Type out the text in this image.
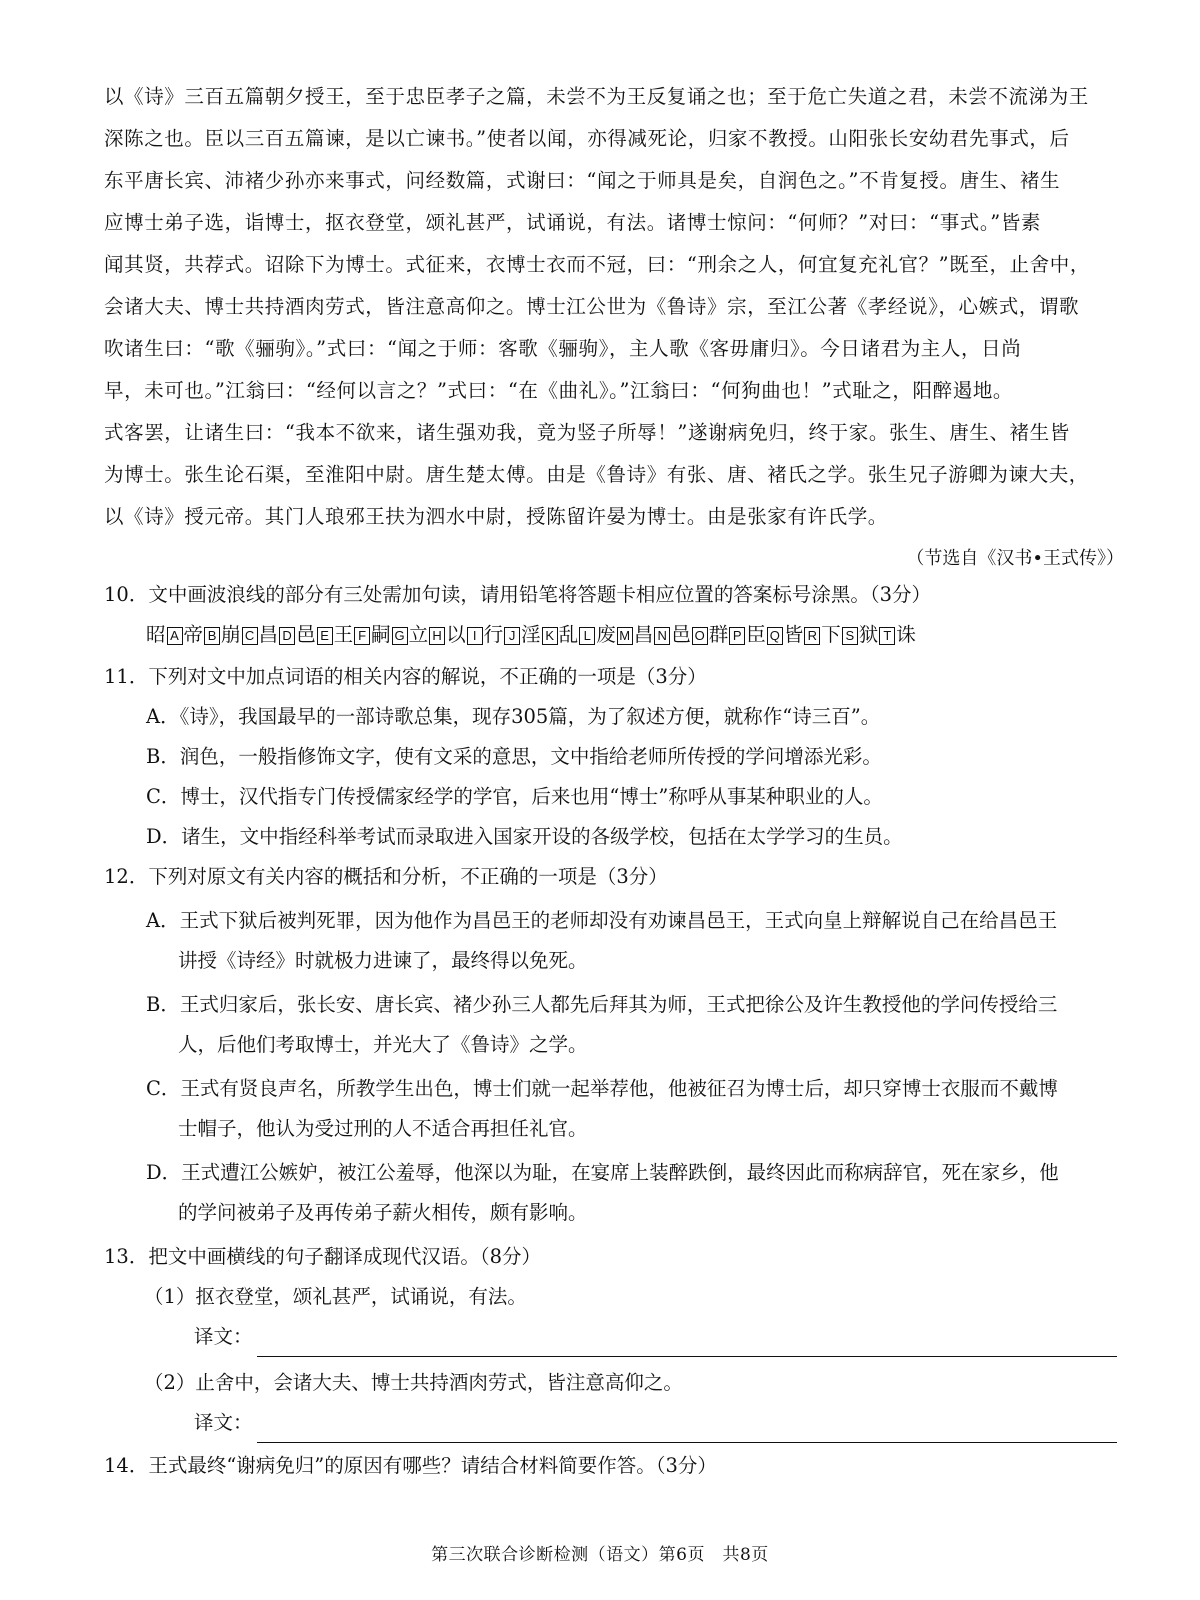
以《诗》三百五篇朝夕授王，至于忠臣孝子之篇，未尝不为王反复诵之也；至于危亡失道之君，未尝不流涕为王
深陈之也。臣以三百五篇谏，是以亡谏书。”使者以闻，亦得减死论，归家不教授。山阳张长安幼君先事式，后
东平唐长宾、沛褚少孙亦来事式，问经数篇，式谢曰：“闻之于师具是矣，自润色之。”不肯复授。唐生、褚生
应博士弟子选，诣博士，抠衣登堂，颂礼甚严，试诵说，有法。诸博士惊问：“何师？”对曰：“事式。”皆素
闻其贤，共荐式。诏除下为博士。式征来，衣博士衣而不冠，曰：“刑余之人，何宜复充礼官？”既至，止舍中，
会诸大夫、博士共持酒肉劳式，皆注意高仰之。博士江公世为《鲁诗》宗，至江公著《孝经说》，心嫉式，谓歌
吹诸生曰：“歌《骊驹》。”式曰：“闻之于师：客歌《骊驹》，主人歌《客毋庸归》。今日诸君为主人，日尚
早，未可也。”江翁曰：“经何以言之？”式曰：“在《曲礼》。”江翁曰：“何狗曲也！”式耻之，阳醉遏地。
式客罢，让诸生曰：“我本不欲来，诸生强劝我，竟为竖子所辱！”遂谢病免归，终于家。张生、唐生、褚生皆
为博士。张生论石渠，至淮阳中尉。唐生楚太傅。由是《鲁诗》有张、唐、褚氏之学。张生兄子游卿为谏大夫，
以《诗》授元帝。其门人琅邪王扶为泗水中尉，授陈留许晏为博士。由是张家有许氏学。
（节选自《汉书•王式传》）
10．文中画波浪线的部分有三处需加句读，请用铅笔将答题卡相应位置的答案标号涂黑。（3分）
昭 A 帝 B 崩 C 昌 D 邑 E 王 F 嗣 G 立 H 以 I 行 J 淫 K 乱 L 废 M 昌 N 邑 O 群 P 臣 Q 皆 R 下 S 狱 T 诛
11．下列对文中加点词语的相关内容的解说，不正确的一项是（3分）
A．《诗》，我国最早的一部诗歌总集，现存305篇，为了叙述方便，就称作“诗三百”。
B．润色，一般指修饰文字，使有文采的意思，文中指给老师所传授的学问增添光彩。
C．博士，汉代指专门传授儒家经学的学官，后来也用“博士”称呼从事某种职业的人。
D．诸生，文中指经科举考试而录取进入国家开设的各级学校，包括在太学学习的生员。
12．下列对原文有关内容的概括和分析，不正确的一项是（3分）
A．王式下狱后被判死罪，因为他作为昌邑王的老师却没有劝谏昌邑王，王式向皇上辩解说自己在给昌邑王
讲授《诗经》时就极力进谏了，最终得以免死。
B．王式归家后，张长安、唐长宾、褚少孙三人都先后拜其为师，王式把徐公及许生教授他的学问传授给三
人，后他们考取博士，并光大了《鲁诗》之学。
C．王式有贤良声名，所教学生出色，博士们就一起举荐他，他被征召为博士后，却只穿博士衣服而不戴博
士帽子，他认为受过刑的人不适合再担任礼官。
D．王式遭江公嫉妒，被江公羞辱，他深以为耻，在宴席上装醉跌倒，最终因此而称病辞官，死在家乡，他
的学问被弟子及再传弟子薪火相传，颇有影响。
13．把文中画横线的句子翻译成现代汉语。（8分）
（1）抠衣登堂，颂礼甚严，试诵说，有法。
译文：
（2）止舍中，会诸大夫、博士共持酒肉劳式，皆注意高仰之。
译文：
14．王式最终“谢病免归”的原因有哪些？请结合材料简要作答。（3分）
第三次联合诊断检测（语文）第6页　共8页
